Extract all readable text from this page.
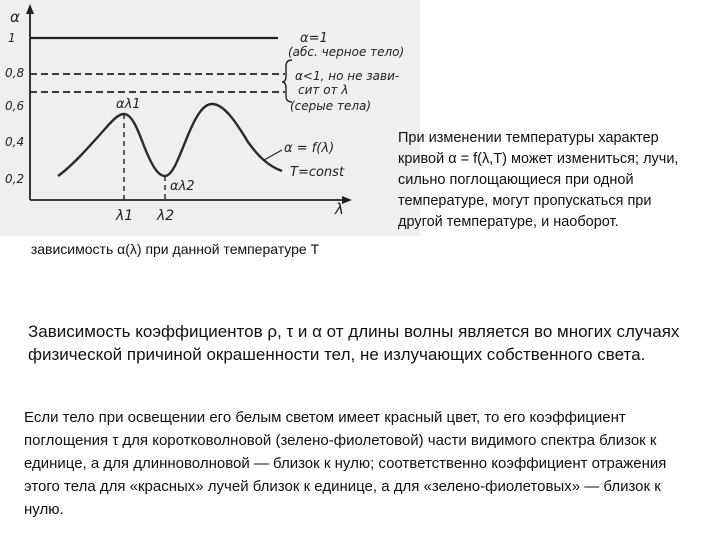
α
λ
1
0,8
0,6
0,4
0,2
α=1
(абс. черное тело)
α<1, но не зави-
сит от λ
(серые тела)
λ1 λ2
αλ1
αλ2
α = f(λ)
T=const
зависимость α(λ) при данной температуре T
При изменении температуры характер кривой α = f(λ,T) может измениться; лучи, сильно поглощающиеся при одной температуре, могут пропускаться при другой температуре, и наоборот.
Зависимость коэффициентов ρ, τ и α от длины волны является во многих случаях физической причиной окрашенности тел, не излучающих собственного света.
Если тело при освещении его белым светом имеет красный цвет, то его коэффициент поглощения τ для коротковолновой (зелено-фиолетовой) части видимого спектра близок к единице, а для длинноволновой — близок к нулю; соответственно коэффициент отражения этого тела для «красных» лучей близок к единице, а для «зелено-фиолетовых» — близок к нулю.
